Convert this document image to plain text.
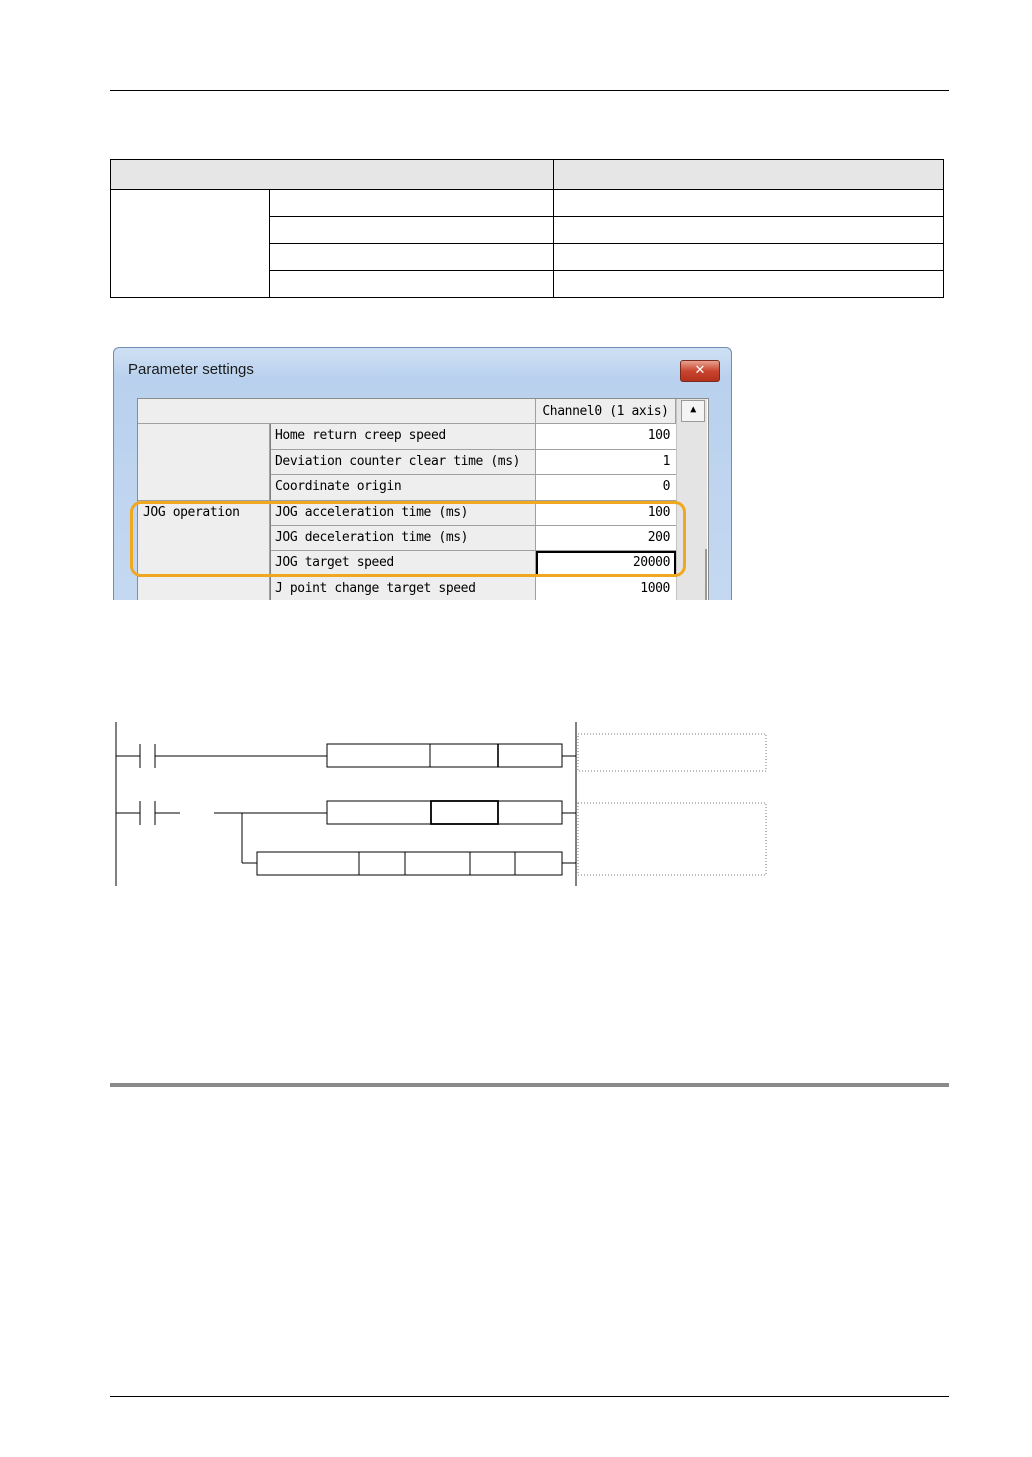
Parameter settings	✕
Channel0 (1 axis)
JOG operation
Home return creep speed	100
Deviation counter clear time (ms)	1
Coordinate origin	0
JOG acceleration time (ms)	100
JOG deceleration time (ms)	200
JOG target speed	20000
J point change target speed	1000
▲
